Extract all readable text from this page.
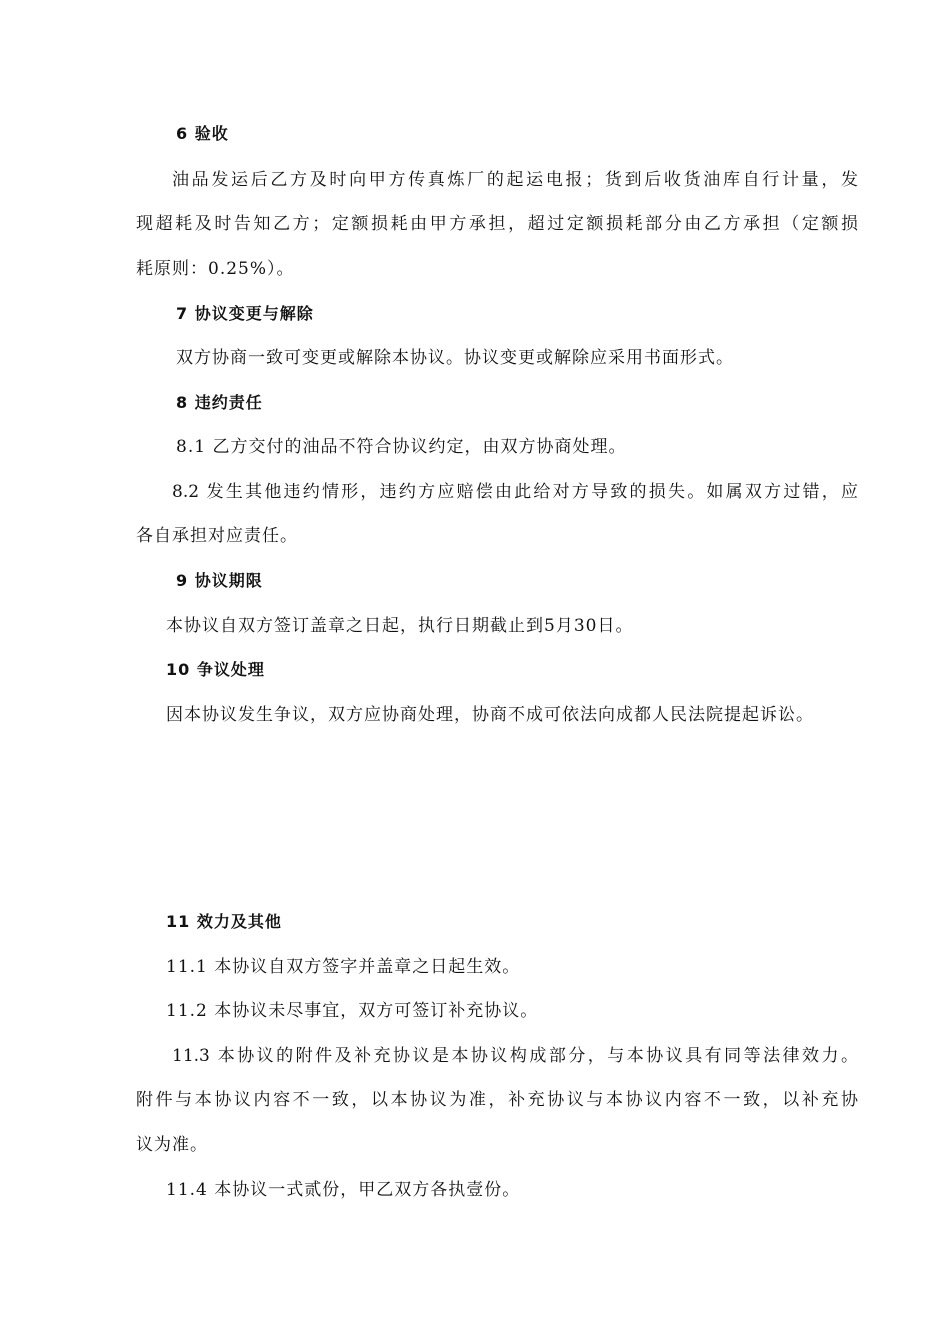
6 验收
油品发运后乙方及时向甲方传真炼厂的起运电报；货到后收货油库自行计量，发
现超耗及时告知乙方；定额损耗由甲方承担，超过定额损耗部分由乙方承担（定额损
耗原则：0.25%）。
7 协议变更与解除
双方协商一致可变更或解除本协议。协议变更或解除应采用书面形式。
8 违约责任
8.1 乙方交付的油品不符合协议约定，由双方协商处理。
8.2 发生其他违约情形，违约方应赔偿由此给对方导致的损失。如属双方过错，应
各自承担对应责任。
9 协议期限
本协议自双方签订盖章之日起，执行日期截止到5月30日。
10 争议处理
因本协议发生争议，双方应协商处理，协商不成可依法向成都人民法院提起诉讼。
11 效力及其他
11.1 本协议自双方签字并盖章之日起生效。
11.2 本协议未尽事宜，双方可签订补充协议。
11.3 本协议的附件及补充协议是本协议构成部分，与本协议具有同等法律效力。
附件与本协议内容不一致，以本协议为准，补充协议与本协议内容不一致，以补充协
议为准。
11.4 本协议一式贰份，甲乙双方各执壹份。
